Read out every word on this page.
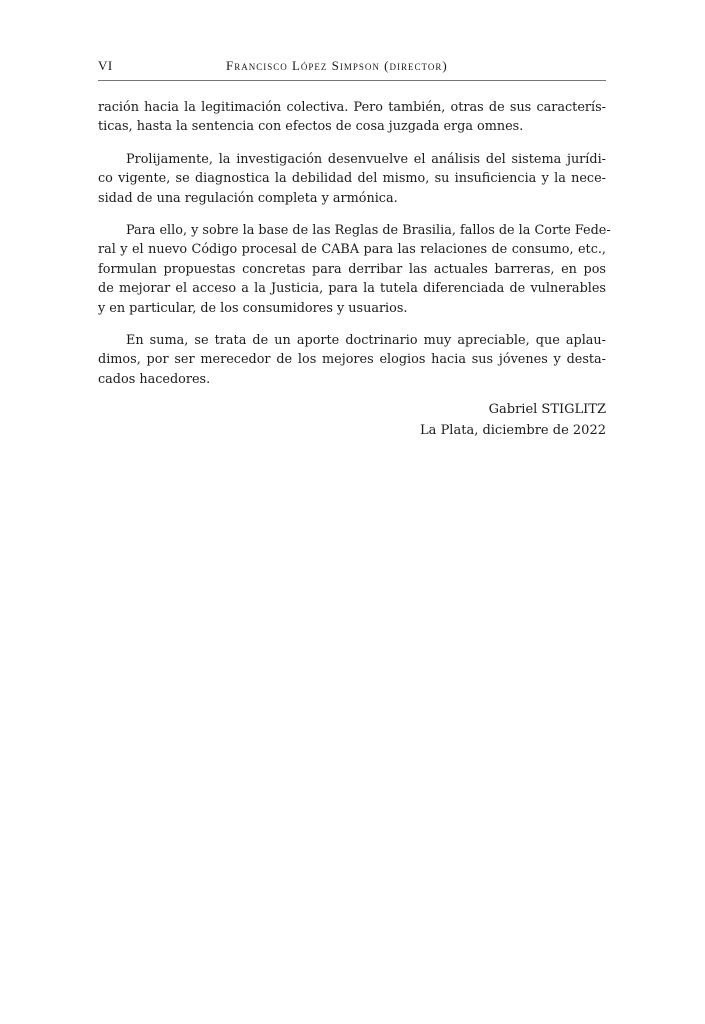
VI	Francisco López Simpson (director)

ración hacia la legitimación colectiva. Pero también, otras de sus caracterís-
ticas, hasta la sentencia con efectos de cosa juzgada erga omnes.

Prolijamente, la investigación desenvuelve el análisis del sistema jurídi-
co vigente, se diagnostica la debilidad del mismo, su insuficiencia y la nece-
sidad de una regulación completa y armónica.

Para ello, y sobre la base de las Reglas de Brasilia, fallos de la Corte Fede-
ral y el nuevo Código procesal de CABA para las relaciones de consumo, etc.,
formulan propuestas concretas para derribar las actuales barreras, en pos
de mejorar el acceso a la Justicia, para la tutela diferenciada de vulnerables
y en particular, de los consumidores y usuarios.

En suma, se trata de un aporte doctrinario muy apreciable, que aplau-
dimos, por ser merecedor de los mejores elogios hacia sus jóvenes y desta-
cados hacedores.

Gabriel STIGLITZ
La Plata, diciembre de 2022
